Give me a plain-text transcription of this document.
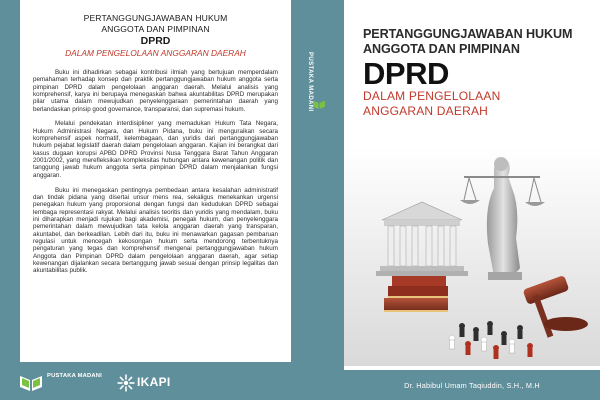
PERTANGGUNGJAWABAN HUKUM
ANGGOTA DAN PIMPINAN
DPRD
DALAM PENGELOLAAN ANGGARAN DAERAH

Buku ini dihadirkan sebagai kontribusi ilmiah yang bertujuan memperdalam pemahaman terhadap konsep dan praktik pertanggungjawaban hukum anggota serta pimpinan DPRD dalam pengelolaan anggaran daerah. Melalui analisis yang komprehensif, karya ini berupaya menegaskan bahwa akuntabilitas DPRD merupakan pilar utama dalam mewujudkan penyelenggaraan pemerintahan daerah yang berlandaskan prinsip good governance, transparansi, dan supremasi hukum.

Melalui pendekatan interdisipliner yang memadukan Hukum Tata Negara, Hukum Administrasi Negara, dan Hukum Pidana, buku ini menguraikan secara komprehensif aspek normatif, kelembagaan, dan yuridis dari pertanggungjawaban hukum pejabat legislatif daerah dalam pengelolaan anggaran. Kajian ini berangkat dari kasus dugaan korupsi APBD DPRD Provinsi Nusa Tenggara Barat Tahun Anggaran 2001/2002, yang merefleksikan kompleksitas hubungan antara kewenangan politik dan tanggung jawab hukum anggota serta pimpinan DPRD dalam menjalankan fungsi anggaran.

Buku ini menegaskan pentingnya pembedaan antara kesalahan administratif dan tindak pidana yang disertai unsur mens rea, sekaligus menekankan urgensi penegakan hukum yang proporsional dengan fungsi dan kedudukan DPRD sebagai lembaga representasi rakyat. Melalui analisis teoritis dan yuridis yang mendalam, buku ini diharapkan menjadi rujukan bagi akademisi, penegak hukum, dan penyelenggara pemerintahan dalam mewujudkan tata kelola anggaran daerah yang transparan, akuntabel, dan berkeadilan. Lebih dari itu, buku ini menawarkan gagasan pembaruan regulasi untuk mencegah kekosongan hukum serta mendorong terbentuknya pengaturan yang tegas dan komprehensif mengenai pertanggungjawaban hukum Anggota dan Pimpinan DPRD dalam pengelolaan anggaran daerah, agar setiap kewenangan dijalankan secara bertanggung jawab sesuai dengan prinsip legalitas dan akuntabilitas publik.

PUSTAKA MADANI	IKAPI
PUSTAKA MADANI
PERTANGGUNGJAWABAN HUKUM
ANGGOTA DAN PIMPINAN
DPRD
DALAM PENGELOLAAN
ANGGARAN DAERAH
Dr. Habibul Umam Taqiuddin, S.H., M.H
